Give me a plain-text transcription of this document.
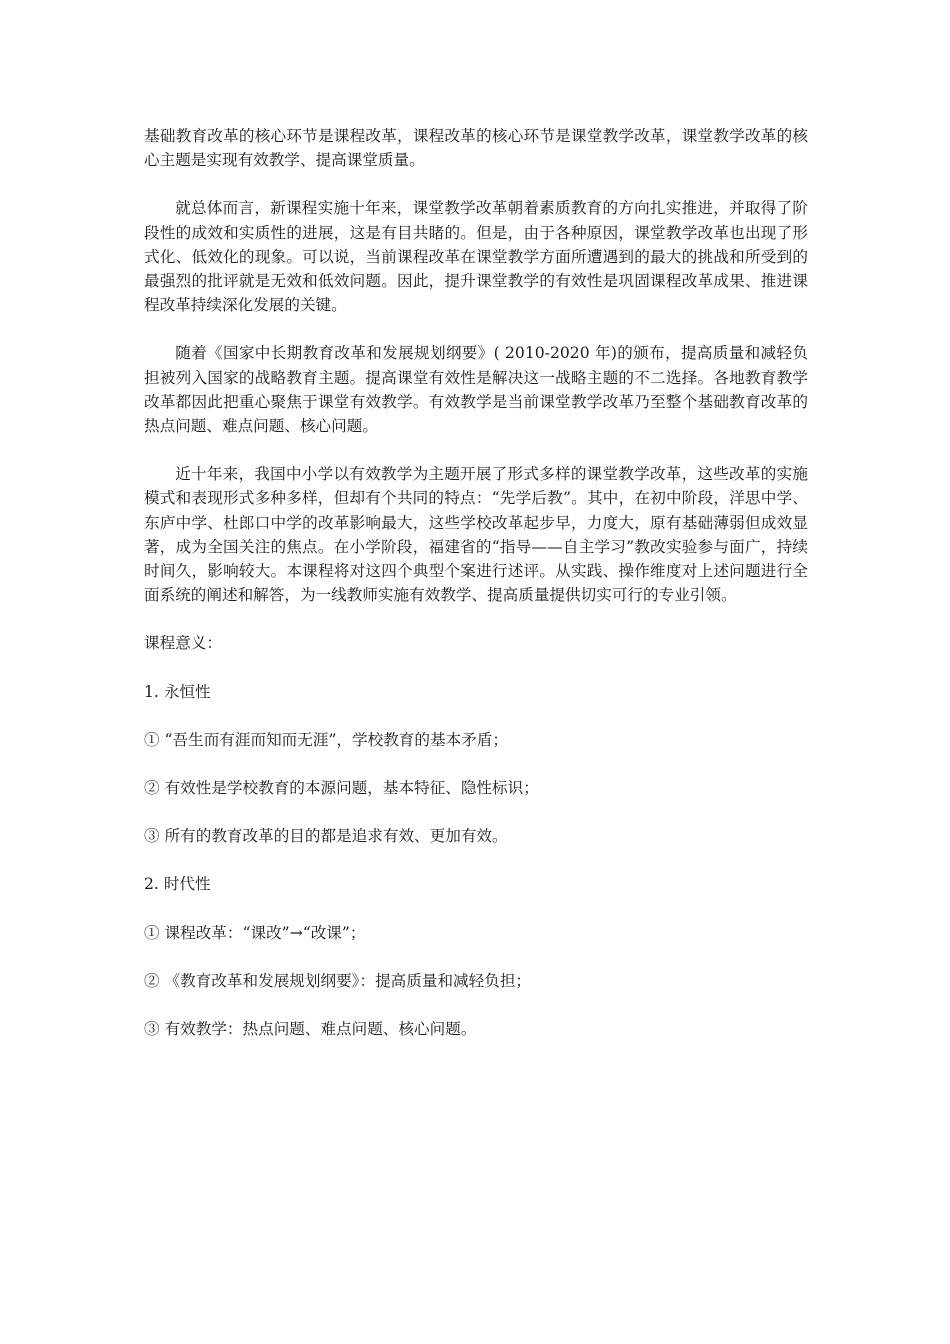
基础教育改革的核心环节是课程改革，课程改革的核心环节是课堂教学改革，课堂教学改革的核心主题是实现有效教学、提高课堂质量。

就总体而言，新课程实施十年来，课堂教学改革朝着素质教育的方向扎实推进，并取得了阶段性的成效和实质性的进展，这是有目共睹的。但是，由于各种原因，课堂教学改革也出现了形式化、低效化的现象。可以说，当前课程改革在课堂教学方面所遭遇到的最大的挑战和所受到的最强烈的批评就是无效和低效问题。因此，提升课堂教学的有效性是巩固课程改革成果、推进课程改革持续深化发展的关键。

随着《国家中长期教育改革和发展规划纲要》( 2010-2020 年)的颁布，提高质量和减轻负担被列入国家的战略教育主题。提高课堂有效性是解决这一战略主题的不二选择。各地教育教学改革都因此把重心聚焦于课堂有效教学。有效教学是当前课堂教学改革乃至整个基础教育改革的热点问题、难点问题、核心问题。

近十年来，我国中小学以有效教学为主题开展了形式多样的课堂教学改革，这些改革的实施模式和表现形式多种多样，但却有个共同的特点：“先学后教”。其中，在初中阶段，洋思中学、东庐中学、杜郎口中学的改革影响最大，这些学校改革起步早，力度大，原有基础薄弱但成效显著，成为全国关注的焦点。在小学阶段，福建省的“指导——自主学习”教改实验参与面广，持续时间久，影响较大。本课程将对这四个典型个案进行述评。从实践、操作维度对上述问题进行全面系统的阐述和解答，为一线教师实施有效教学、提高质量提供切实可行的专业引领。

课程意义：

1. 永恒性

① “吾生而有涯而知而无涯”，学校教育的基本矛盾；

② 有效性是学校教育的本源问题，基本特征、隐性标识；

③ 所有的教育改革的目的都是追求有效、更加有效。

2. 时代性

① 课程改革：“课改”→“改课”；

② 《教育改革和发展规划纲要》：提高质量和减轻负担；

③ 有效教学：热点问题、难点问题、核心问题。
